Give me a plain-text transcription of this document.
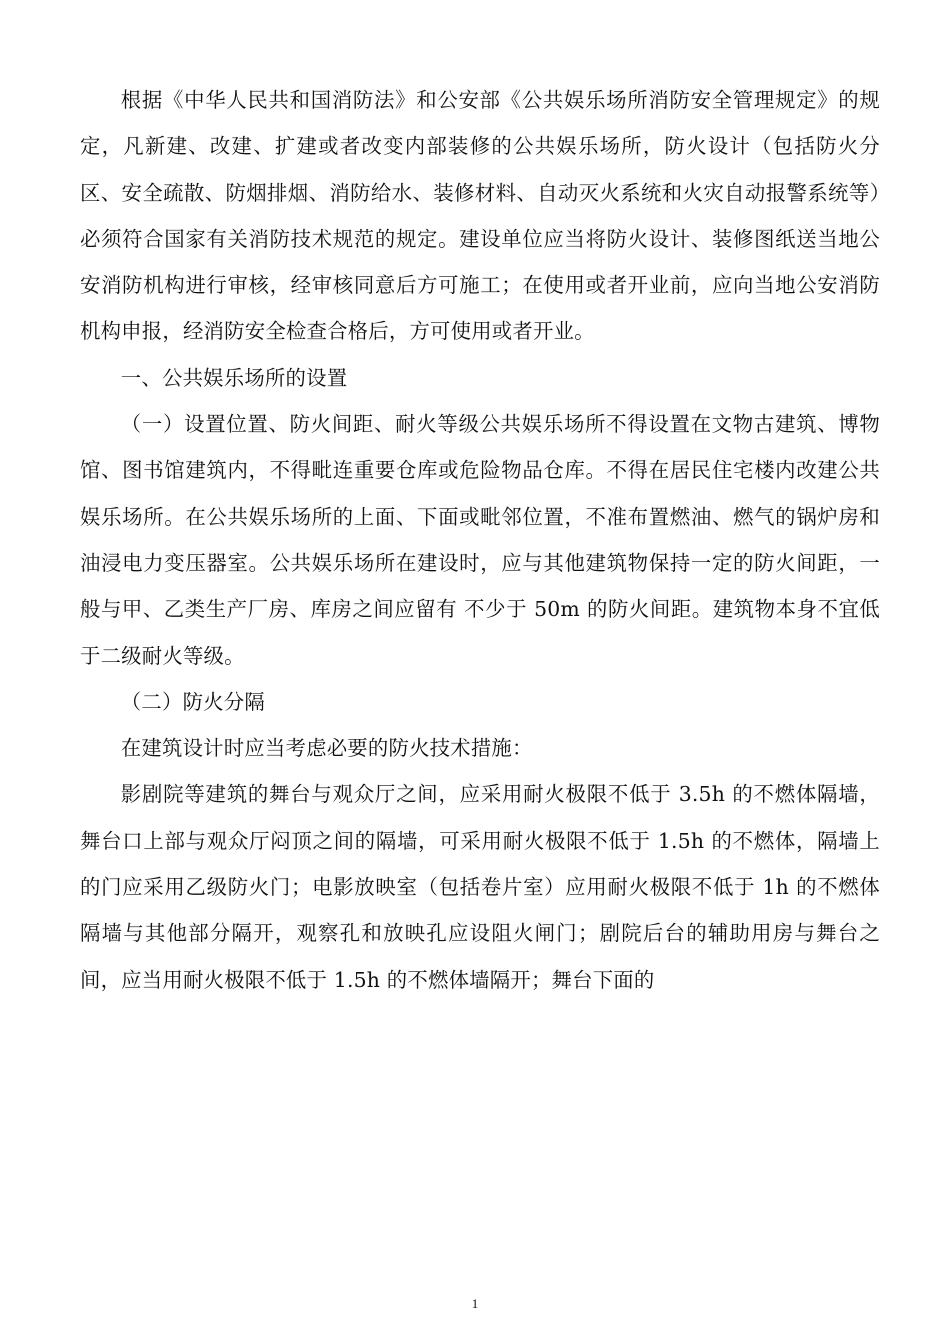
根据《中华人民共和国消防法》和公安部《公共娱乐场所消防安全管理规定》的规定，凡新建、改建、扩建或者改变内部装修的公共娱乐场所，防火设计（包括防火分区、安全疏散、防烟排烟、消防给水、装修材料、自动灭火系统和火灾自动报警系统等）必须符合国家有关消防技术规范的规定。建设单位应当将防火设计、装修图纸送当地公安消防机构进行审核，经审核同意后方可施工；在使用或者开业前，应向当地公安消防机构申报，经消防安全检查合格后，方可使用或者开业。

一、公共娱乐场所的设置

（一）设置位置、防火间距、耐火等级公共娱乐场所不得设置在文物古建筑、博物馆、图书馆建筑内，不得毗连重要仓库或危险物品仓库。不得在居民住宅楼内改建公共娱乐场所。在公共娱乐场所的上面、下面或毗邻位置，不准布置燃油、燃气的锅炉房和油浸电力变压器室。公共娱乐场所在建设时，应与其他建筑物保持一定的防火间距，一般与甲、乙类生产厂房、库房之间应留有 不少于 50m 的防火间距。建筑物本身不宜低于二级耐火等级。

（二）防火分隔

在建筑设计时应当考虑必要的防火技术措施：

影剧院等建筑的舞台与观众厅之间，应采用耐火极限不低于 3.5h 的不燃体隔墙，舞台口上部与观众厅闷顶之间的隔墙，可采用耐火极限不低于 1.5h 的不燃体，隔墙上 的门应采用乙级防火门；电影放映室（包括卷片室）应用耐火极限不低于 1h 的不燃体隔墙与其他部分隔开，观察孔和放映孔应设阻火闸门；剧院后台的辅助用房与舞台之间，应当用耐火极限不低于 1.5h 的不燃体墙隔开；舞台下面的

1
